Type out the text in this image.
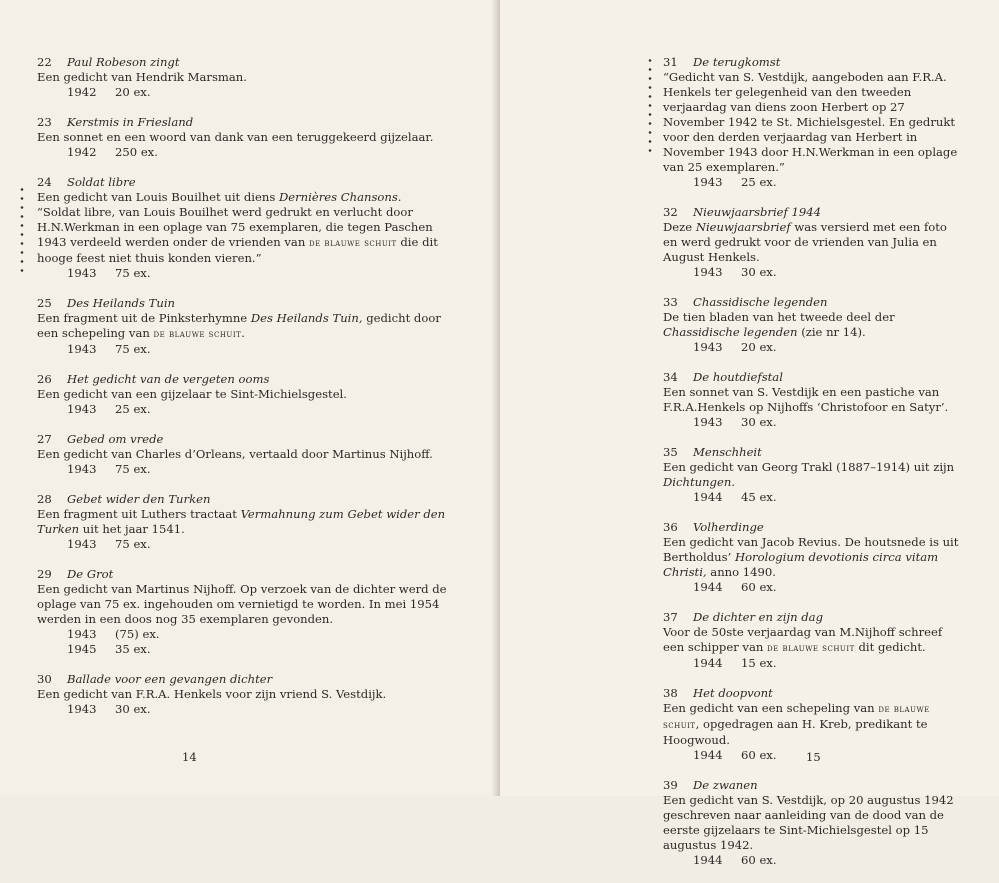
22 Paul Robeson zingt
Een gedicht van Hendrik Marsman.
1942 20 ex.
23 Kerstmis in Friesland
Een sonnet en een woord van dank van een teruggekeerd gijzelaar.
1942 250 ex.
24 Soldat libre
Een gedicht van Louis Bouilhet uit diens Dernières Chansons.
“Soldat libre, van Louis Bouilhet werd gedrukt en verlucht door H.N.Werkman in een oplage van 75 exemplaren, die tegen Paschen 1943 verdeeld werden onder de vrienden van de blauwe schuit die dit hooge feest niet thuis konden vieren.”
1943 75 ex.
25 Des Heilands Tuin
Een fragment uit de Pinksterhymne Des Heilands Tuin, gedicht door een schepeling van de blauwe schuit.
1943 75 ex.
26 Het gedicht van de vergeten ooms
Een gedicht van een gijzelaar te Sint-Michielsgestel.
1943 25 ex.
27 Gebed om vrede
Een gedicht van Charles d’Orleans, vertaald door Martinus Nijhoff.
1943 75 ex.
28 Gebet wider den Turken
Een fragment uit Luthers tractaat Vermahnung zum Gebet wider den Turken uit het jaar 1541.
1943 75 ex.
29 De Grot
Een gedicht van Martinus Nijhoff. Op verzoek van de dichter werd de oplage van 75 ex. ingehouden om vernietigd te worden. In mei 1954 werden in een doos nog 35 exemplaren gevonden.
1943 (75) ex.
1945 35 ex.
30 Ballade voor een gevangen dichter
Een gedicht van F.R.A. Henkels voor zijn vriend S. Vestdijk.
1943 30 ex.
14
31 De terugkomst
“Gedicht van S. Vestdijk, aangeboden aan F.R.A. Henkels ter gelegenheid van den tweeden verjaardag van diens zoon Herbert op 27 November 1942 te St. Michielsgestel. En gedrukt voor den derden verjaardag van Herbert in November 1943 door H.N.Werkman in een oplage van 25 exemplaren.”
1943 25 ex.
32 Nieuwjaarsbrief 1944
Deze Nieuwjaarsbrief was versierd met een foto en werd gedrukt voor de vrienden van Julia en August Henkels.
1943 30 ex.
33 Chassidische legenden
De tien bladen van het tweede deel der Chassidische legenden (zie nr 14).
1943 20 ex.
34 De houtdiefstal
Een sonnet van S. Vestdijk en een pastiche van F.R.A.Henkels op Nijhoffs ‘Christofoor en Satyr’.
1943 30 ex.
35 Menschheit
Een gedicht van Georg Trakl (1887–1914) uit zijn Dichtungen.
1944 45 ex.
36 Volherdinge
Een gedicht van Jacob Revius. De houtsnede is uit Bertholdus’ Horologium devotionis circa vitam Christi, anno 1490.
1944 60 ex.
37 De dichter en zijn dag
Voor de 50ste verjaardag van M.Nijhoff schreef een schipper van de blauwe schuit dit gedicht.
1944 15 ex.
38 Het doopvont
Een gedicht van een schepeling van de blauwe schuit, opgedragen aan H. Kreb, predikant te Hoogwoud.
1944 60 ex.
39 De zwanen
Een gedicht van S. Vestdijk, op 20 augustus 1942 geschreven naar aanleiding van de dood van de eerste gijzelaars te Sint-Michielsgestel op 15 augustus 1942.
1944 60 ex.
15
